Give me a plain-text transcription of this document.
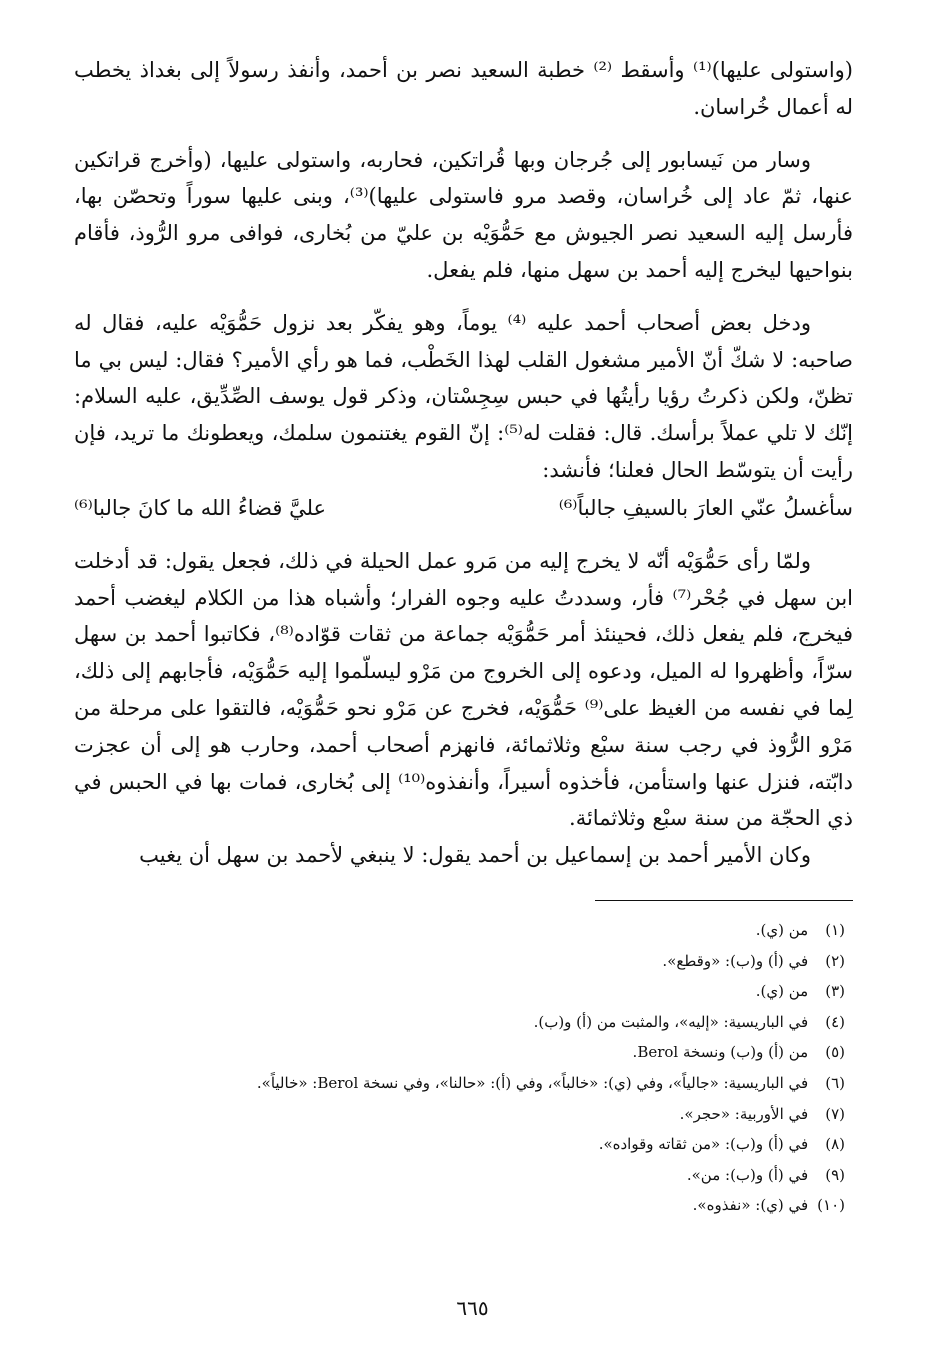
(واستولى عليها)⁽¹⁾ وأسقط ⁽²⁾ خطبة السعيد نصر بن أحمد، وأنفذ رسولاً إلى بغداذ يخطب له أعمال خُراسان.

وسار من نَيسابور إلى جُرجان وبها قُراتكين، فحاربه، واستولى عليها، (وأخرج قراتكين عنها، ثمّ عاد إلى خُراسان، وقصد مرو فاستولى عليها)⁽³⁾، وبنى عليها سوراً وتحصّن بها، فأرسل إليه السعيد نصر الجيوش مع حَمُّوَيْه بن عليّ من بُخارى، فوافى مرو الرُّوذ، فأقام بنواحيها ليخرج إليه أحمد بن سهل منها، فلم يفعل.

ودخل بعض أصحاب أحمد عليه ⁽⁴⁾ يوماً، وهو يفكّر بعد نزول حَمُّوَيْه عليه، فقال له صاحبه: لا شكّ أنّ الأمير مشغول القلب لهذا الخَطْب، فما هو رأي الأمير؟ فقال: ليس بي ما تظنّ، ولكن ذكرتُ رؤيا رأيتُها في حبس سِجِسْتان، وذكر قول يوسف الصِّدِّيق، عليه السلام: إنّك لا تلي عملاً برأسك. قال: فقلت له⁽⁵⁾: إنّ القوم يغتنمون سلمك، ويعطونك ما تريد، فإن رأيت أن يتوسّط الحال فعلنا؛ فأنشد:

سأغسلُ عنّي العارَ بالسيفِ جالباً⁽⁶⁾
عليَّ قضاءُ الله ما كانَ جالبا⁽⁶⁾

ولمّا رأى حَمُّوَيْه أنّه لا يخرج إليه من مَرو عمل الحيلة في ذلك، فجعل يقول: قد أدخلت ابن سهل في جُحْر⁽⁷⁾ فأر، وسددتُ عليه وجوه الفرار؛ وأشباه هذا من الكلام ليغضب أحمد فيخرج، فلم يفعل ذلك، فحينئذ أمر حَمُّوَيْه جماعة من ثقات قوّاده⁽⁸⁾، فكاتبوا أحمد بن سهل سرّاً، وأظهروا له الميل، ودعوه إلى الخروج من مَرْو ليسلّموا إليه حَمُّوَيْه، فأجابهم إلى ذلك، لِما في نفسه من الغيظ على⁽⁹⁾ حَمُّوَيْه، فخرج عن مَرْو نحو حَمُّوَيْه، فالتقوا على مرحلة من مَرْو الرُّوذ في رجب سنة سبْع وثلاثمائة، فانهزم أصحاب أحمد، وحارب هو إلى أن عجزت دابّته، فنزل عنها واستأمن، فأخذوه أسيراً، وأنفذوه⁽¹⁰⁾ إلى بُخارى، فمات بها في الحبس في ذي الحجّة من سنة سبْع وثلاثمائة.

وكان الأمير أحمد بن إسماعيل بن أحمد يقول: لا ينبغي لأحمد بن سهل أن يغيب

(١) من (ي).
(٢) في (أ) و(ب): «وقطع».
(٣) من (ي).
(٤) في الباريسية: «إليه»، والمثبت من (أ) و(ب).
(٥) من (أ) و(ب) ونسخة Berol.
(٦) في الباريسية: «جالياً»، وفي (ي): «خالباً»، وفي (أ): «حالنا»، وفي نسخة Berol: «خالياً».
(٧) في الأوربية: «حجر».
(٨) في (أ) و(ب): «من ثقاته وقواده».
(٩) في (أ) و(ب): من».
(١٠) في (ي): «نفذوه».
٦٦٥
